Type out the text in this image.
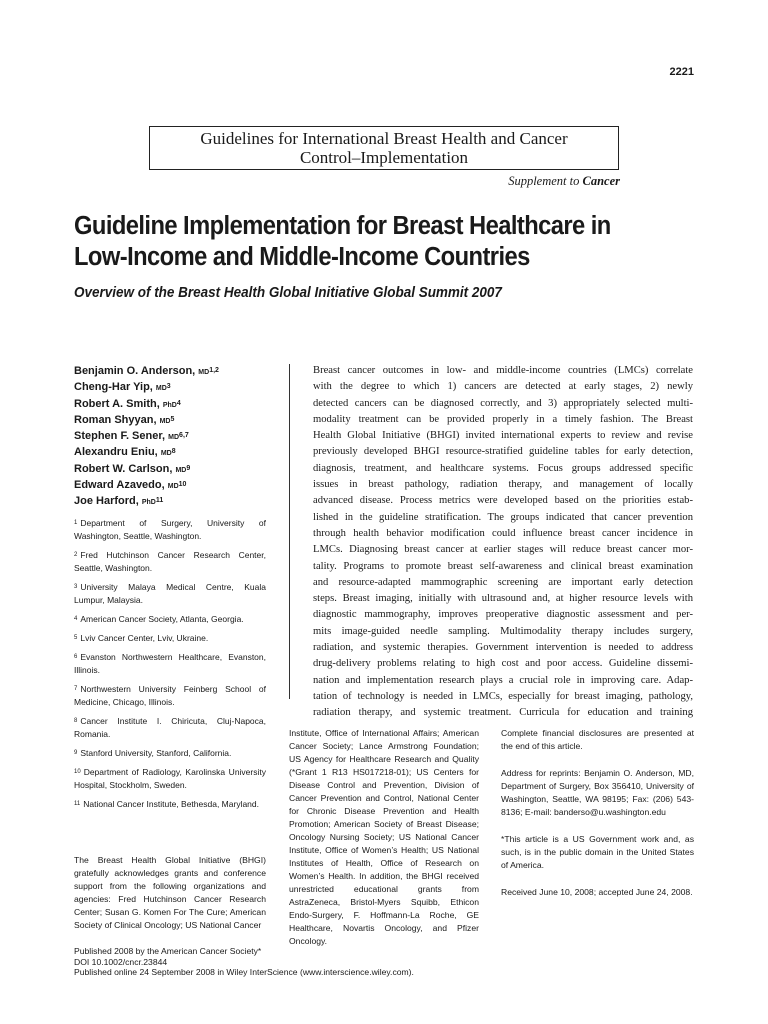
2221
Guidelines for International Breast Health and Cancer
Control–Implementation
Supplement to Cancer
Guideline Implementation for Breast Healthcare in
Low-Income and Middle-Income Countries
Overview of the Breast Health Global Initiative Global Summit 2007
Benjamin O. Anderson, MD$^{1,2}$
Cheng-Har Yip, $MD^3$
Robert A. Smith, PhD$^4$
Roman Shyyan, $MD^5$
Stephen F. Sener, MD$^{6,7}$
Alexandru Eniu, $MD^8$
Robert W. Carlson, $MD^9$
Edward Azavedo, MD$^{10}$
Joe Harford, PhD$^{11}$
$^1$ Department of Surgery, University of Washington, Seattle, Washington.
$^2$ Fred Hutchinson Cancer Research Center, Seattle, Washington.
$^3$ University Malaya Medical Centre, Kuala Lumpur, Malaysia.
$^4$ American Cancer Society, Atlanta, Georgia.
$^5$ Lviv Cancer Center, Lviv, Ukraine.
$^6$ Evanston Northwestern Healthcare, Evanston, Illinois.
$^7$ Northwestern University Feinberg School of Medicine, Chicago, Illinois.
$^8$ Cancer Institute I. Chiricuta, Cluj-Napoca, Romania.
$^9$ Stanford University, Stanford, California.
$^{10}$ Department of Radiology, Karolinska University Hospital, Stockholm, Sweden.
$^{11}$ National Cancer Institute, Bethesda, Maryland.
Breast cancer outcomes in low- and middle-income countries (LMCs) correlate
with the degree to which 1) cancers are detected at early stages, 2) newly
detected cancers can be diagnosed correctly, and 3) appropriately selected multi-
modality treatment can be provided properly in a timely fashion. The Breast
Health Global Initiative (BHGI) invited international experts to review and revise
previously developed BHGI resource-stratified guideline tables for early detection,
diagnosis, treatment, and healthcare systems. Focus groups addressed specific
issues in breast pathology, radiation therapy, and management of locally
advanced disease. Process metrics were developed based on the priorities estab-
lished in the guideline stratification. The groups indicated that cancer prevention
through health behavior modification could influence breast cancer incidence in
LMCs. Diagnosing breast cancer at earlier stages will reduce breast cancer mor-
tality. Programs to promote breast self-awareness and clinical breast examination
and resource-adapted mammographic screening are important early detection
steps. Breast imaging, initially with ultrasound and, at higher resource levels with
diagnostic mammography, improves preoperative diagnostic assessment and per-
mits image-guided needle sampling. Multimodality therapy includes surgery,
radiation, and systemic therapies. Government intervention is needed to address
drug-delivery problems relating to high cost and poor access. Guideline dissemi-
nation and implementation research plays a crucial role in improving care. Adap-
tation of technology is needed in LMCs, especially for breast imaging, pathology,
radiation therapy, and systemic treatment. Curricula for education and training
The Breast Health Global Initiative (BHGI) gratefully acknowledges grants and conference support from the following organizations and agencies: Fred Hutchinson Cancer Research Center; Susan G. Komen For The Cure; American Society of Clinical Oncology; US National Cancer
Institute, Office of International Affairs; American Cancer Society; Lance Armstrong Foundation; US Agency for Healthcare Research and Quality (*Grant 1 R13 HS017218-01); US Centers for Disease Control and Prevention, Division of Cancer Prevention and Control, National Center for Chronic Disease Prevention and Health Promotion; American Society of Breast Disease; Oncology Nursing Society; US National Cancer Institute, Office of Women’s Health; US National Institutes of Health, Office of Research on Women’s Health. In addition, the BHGI received unrestricted educational grants from AstraZeneca, Bristol-Myers Squibb, Ethicon Endo-Surgery, F. Hoffmann-La Roche, GE Healthcare, Novartis Oncology, and Pfizer Oncology.

Complete financial disclosures are presented at the end of this article.

Address for reprints: Benjamin O. Anderson, MD, Department of Surgery, Box 356410, University of Washington, Seattle, WA 98195; Fax: (206) 543-8136; E-mail: banderso@u.washington.edu

*This article is a US Government work and, as such, is in the public domain in the United States of America.

Received June 10, 2008; accepted June 24, 2008.

Published 2008 by the American Cancer Society*
DOI 10.1002/cncr.23844
Published online 24 September 2008 in Wiley InterScience (www.interscience.wiley.com).
